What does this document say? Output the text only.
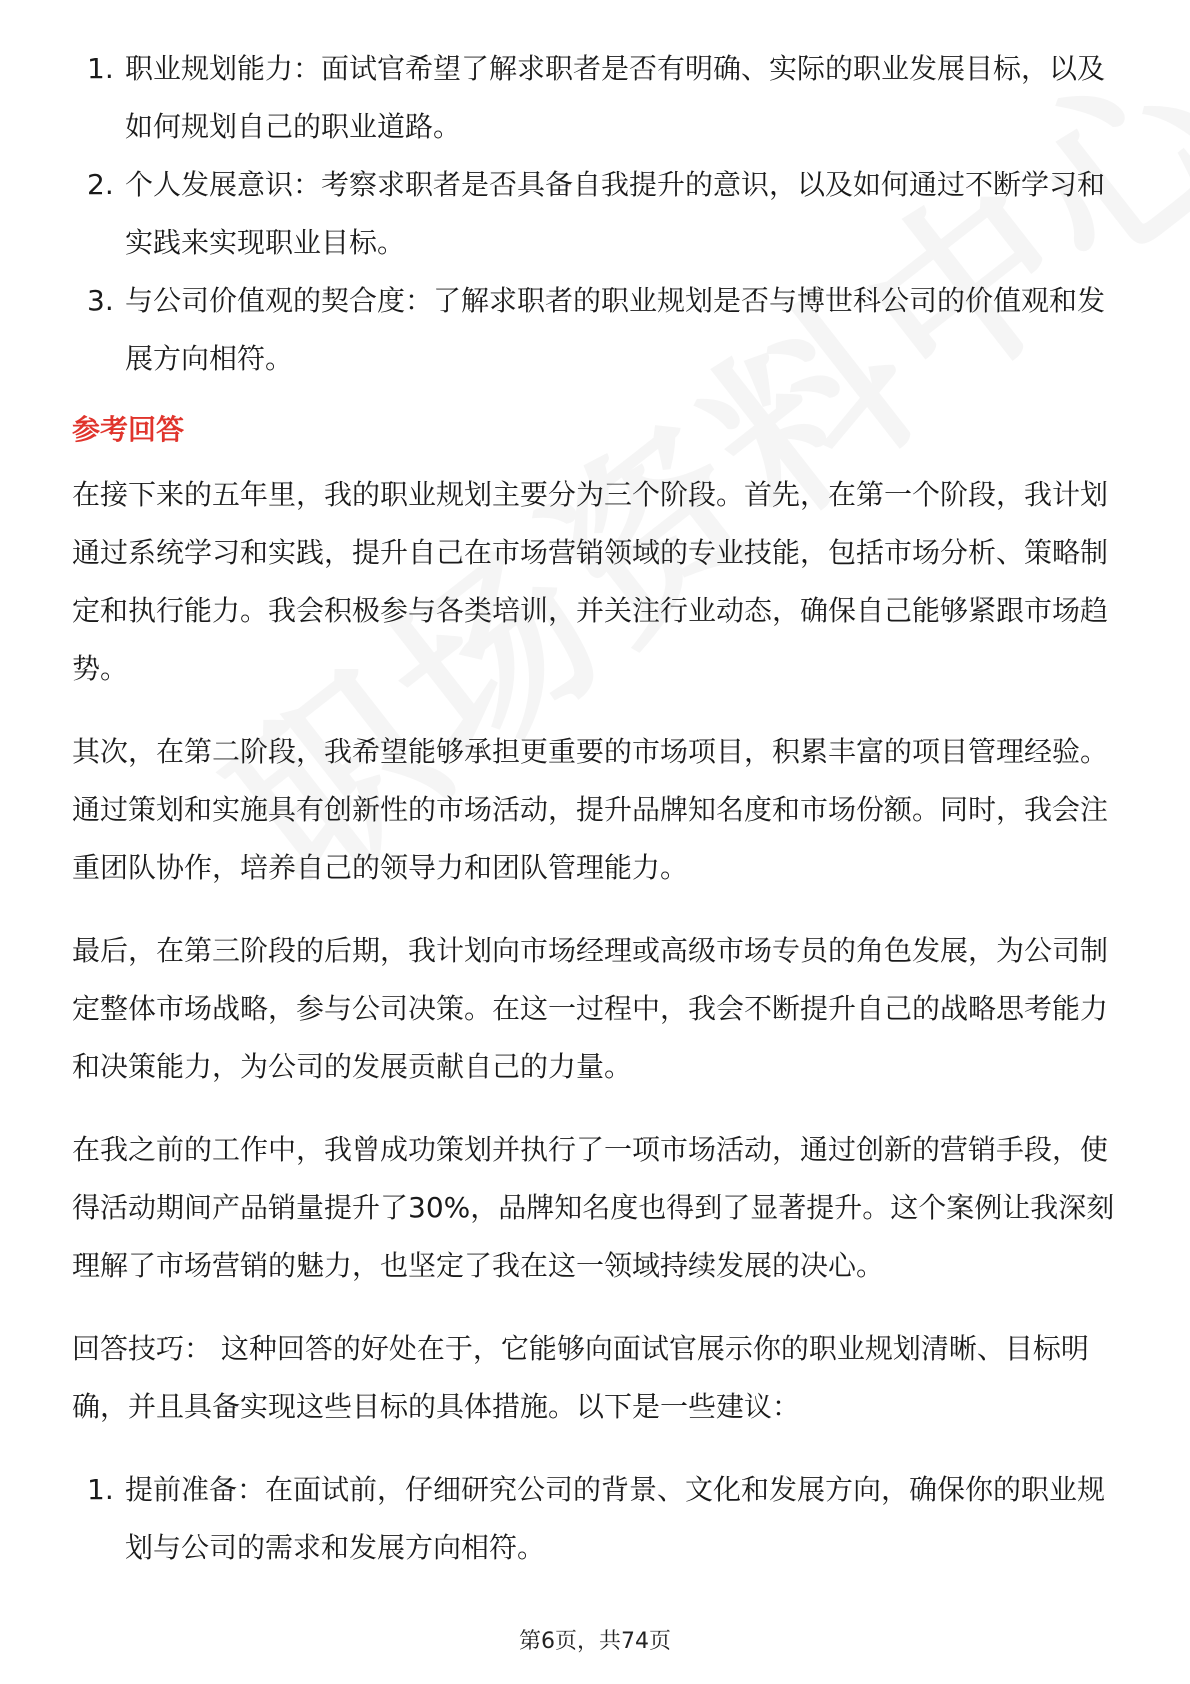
1. 职业规划能力：面试官希望了解求职者是否有明确、实际的职业发展目标，以及如何规划自己的职业道路。
2. 个人发展意识：考察求职者是否具备自我提升的意识，以及如何通过不断学习和实践来实现职业目标。
3. 与公司价值观的契合度：了解求职者的职业规划是否与博世科公司的价值观和发展方向相符。
参考回答

在接下来的五年里，我的职业规划主要分为三个阶段。首先，在第一个阶段，我计划通过系统学习和实践，提升自己在市场营销领域的专业技能，包括市场分析、策略制定和执行能力。我会积极参与各类培训，并关注行业动态，确保自己能够紧跟市场趋势。

其次，在第二阶段，我希望能够承担更重要的市场项目，积累丰富的项目管理经验。通过策划和实施具有创新性的市场活动，提升品牌知名度和市场份额。同时，我会注重团队协作，培养自己的领导力和团队管理能力。

最后，在第三阶段的后期，我计划向市场经理或高级市场专员的角色发展，为公司制定整体市场战略，参与公司决策。在这一过程中，我会不断提升自己的战略思考能力和决策能力，为公司的发展贡献自己的力量。

在我之前的工作中，我曾成功策划并执行了一项市场活动，通过创新的营销手段，使得活动期间产品销量提升了30%，品牌知名度也得到了显著提升。这个案例让我深刻理解了市场营销的魅力，也坚定了我在这一领域持续发展的决心。

回答技巧： 这种回答的好处在于，它能够向面试官展示你的职业规划清晰、目标明确，并且具备实现这些目标的具体措施。以下是一些建议：

1. 提前准备：在面试前，仔细研究公司的背景、文化和发展方向，确保你的职业规划与公司的需求和发展方向相符。
第6页，共74页
